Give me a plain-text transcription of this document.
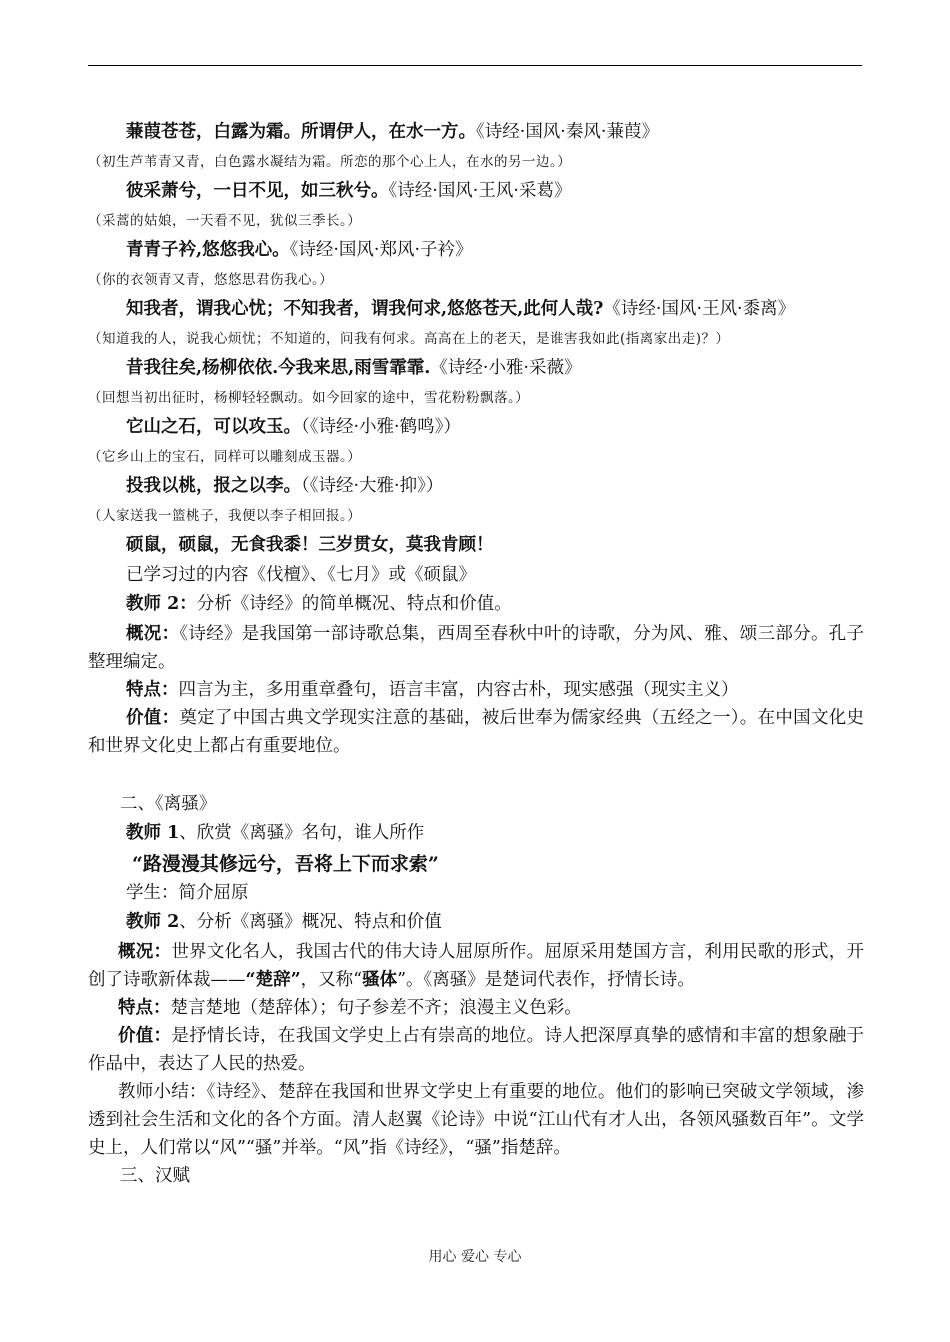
蒹葭苍苍，白露为霜。所谓伊人，在水一方。《诗经·国风·秦风·蒹葭》
（初生芦苇青又青，白色露水凝结为霜。所恋的那个心上人，在水的另一边。）
彼采萧兮，一日不见，如三秋兮。《诗经·国风·王风·采葛》
（采蒿的姑娘，一天看不见，犹似三季长。）
青青子衿,悠悠我心。《诗经·国风·郑风·子衿》
（你的衣领青又青，悠悠思君伤我心。）
知我者，谓我心忧；不知我者，谓我何求,悠悠苍天,此何人哉?《诗经·国风·王风·黍离》
（知道我的人，说我心烦忧；不知道的，问我有何求。高高在上的老天，是谁害我如此(指离家出走)？）
昔我往矣,杨柳依依.今我来思,雨雪霏霏.《诗经·小雅·采薇》
（回想当初出征时，杨柳轻轻飘动。如今回家的途中，雪花粉粉飘落。）
它山之石，可以攻玉。（《诗经·小雅·鹤鸣》）
（它乡山上的宝石，同样可以雕刻成玉器。）
投我以桃，报之以李。（《诗经·大雅·抑》）
（人家送我一篮桃子，我便以李子相回报。）
硕鼠，硕鼠，无食我黍！三岁贯女，莫我肯顾！
已学习过的内容《伐檀》、《七月》或《硕鼠》
教师 2：分析《诗经》的简单概况、特点和价值。
概况：《诗经》是我国第一部诗歌总集，西周至春秋中叶的诗歌，分为风、雅、颂三部分。孔子整理编定。
特点：四言为主，多用重章叠句，语言丰富，内容古朴，现实感强（现实主义）
价值：奠定了中国古典文学现实注意的基础，被后世奉为儒家经典（五经之一）。在中国文化史和世界文化史上都占有重要地位。
二、《离骚》
教师 1、欣赏《离骚》名句，谁人所作
“路漫漫其修远兮，吾将上下而求索”
学生：简介屈原
教师 2、分析《离骚》概况、特点和价值
概况：世界文化名人，我国古代的伟大诗人屈原所作。屈原采用楚国方言，利用民歌的形式，开创了诗歌新体裁——“楚辞”，又称“骚体”。《离骚》是楚词代表作，抒情长诗。
特点：楚言楚地（楚辞体）；句子参差不齐；浪漫主义色彩。
价值：是抒情长诗，在我国文学史上占有崇高的地位。诗人把深厚真挚的感情和丰富的想象融于作品中，表达了人民的热爱。
教师小结：《诗经》、楚辞在我国和世界文学史上有重要的地位。他们的影响已突破文学领域，渗透到社会生活和文化的各个方面。清人赵翼《论诗》中说“江山代有才人出，各领风骚数百年”。文学史上，人们常以“风”“骚”并举。“风”指《诗经》，“骚”指楚辞。
三、汉赋
用心 爱心 专心
